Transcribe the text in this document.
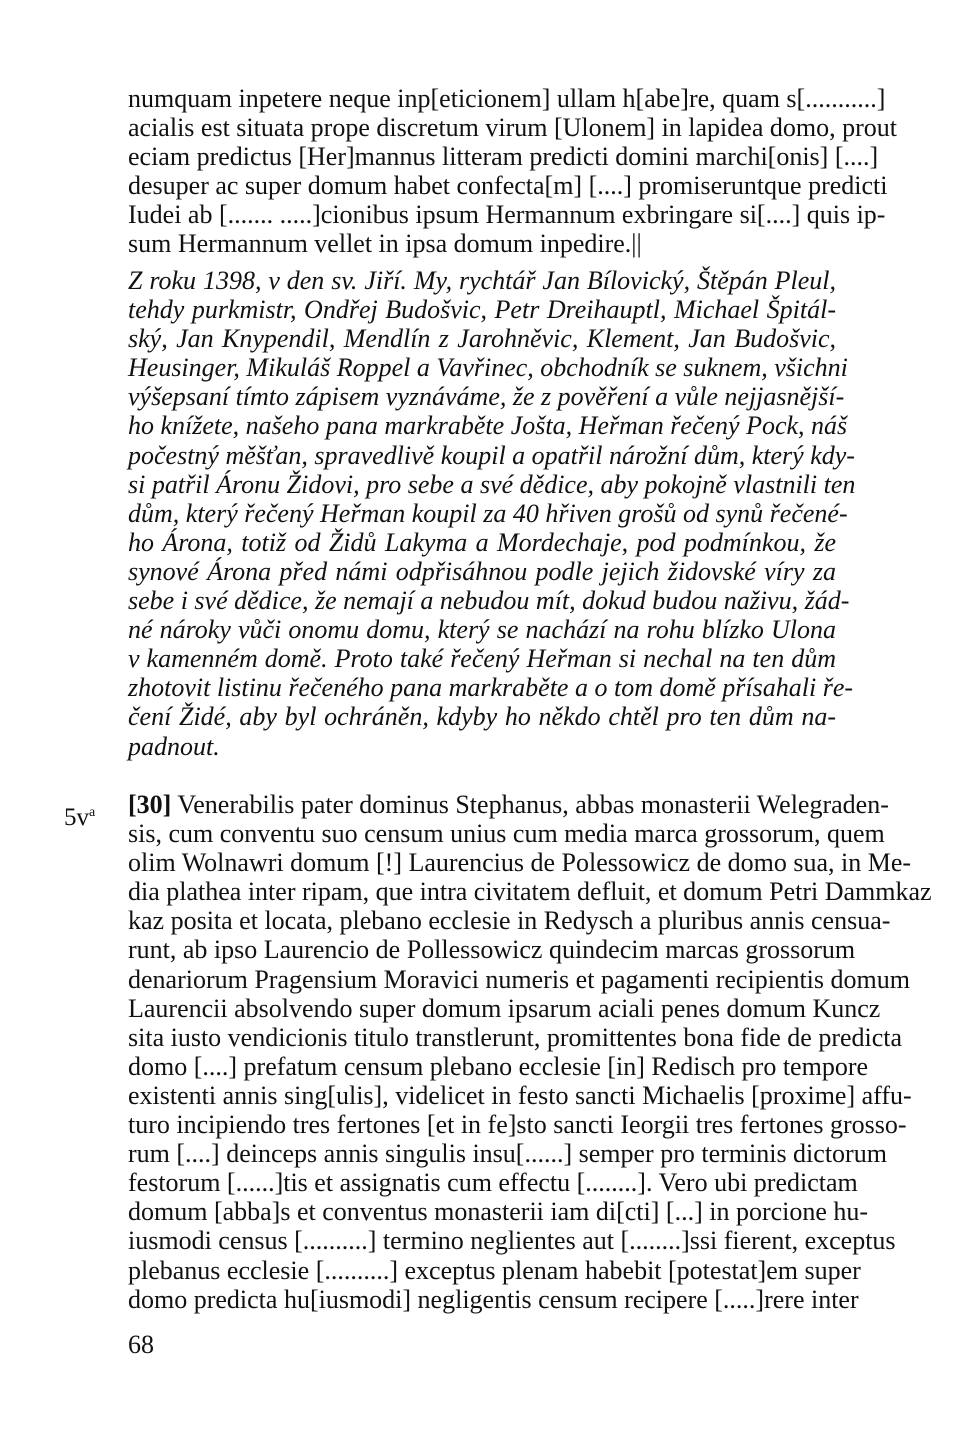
numquam inpetere neque inp[eticionem] ullam h[abe]re, quam s[...........]
acialis est situata prope discretum virum [Ulonem] in lapidea domo, prout
eciam predictus [Her]mannus litteram predicti domini marchi[onis] [....]
desuper ac super domum habet confecta[m] [....] promiseruntque predicti
Iudei ab [....... .....]cionibus ipsum Hermannum exbringare si[....] quis ip-
sum Hermannum vellet in ipsa domum inpedire.||
Z roku 1398, v den sv. Jiří. My, rychtář Jan Bílovický, Štěpán Pleul,
tehdy purkmistr, Ondřej Budošvic, Petr Dreihauptl, Michael Špitál-
ský, Jan Knypendil, Mendlín z Jarohněvic, Klement, Jan Budošvic,
Heusinger, Mikuláš Roppel a Vavřinec, obchodník se suknem, všichni
výšepsaní tímto zápisem vyznáváme, že z pověření a vůle nejjasnější-
ho knížete, našeho pana markraběte Jošta, Heřman řečený Pock, náš
počestný měšťan, spravedlivě koupil a opatřil nárožní dům, který kdy-
si patřil Áronu Židovi, pro sebe a své dědice, aby pokojně vlastnili ten
dům, který řečený Heřman koupil za 40 hřiven grošů od synů řečené-
ho Árona, totiž od Židů Lakyma a Mordechaje, pod podmínkou, že
synové Árona před námi odpřisáhnou podle jejich židovské víry za
sebe i své dědice, že nemají a nebudou mít, dokud budou naživu, žád-
né nároky vůči onomu domu, který se nachází na rohu blízko Ulona
v kamenném domě. Proto také řečený Heřman si nechal na ten dům
zhotovit listinu řečeného pana markraběte a o tom domě přísahali ře-
čení Židé, aby byl ochráněn, kdyby ho někdo chtěl pro ten dům na-
padnout.
$5v^a$ [30] Venerabilis pater dominus Stephanus, abbas monasterii Welegraden-
sis, cum conventu suo censum unius cum media marca grossorum, quem
olim Wolnawri domum [!] Laurencius de Polessowicz de domo sua, in Me-
dia plathea inter ripam, que intra civitatem defluit, et domum Petri Dammkaz
kaz posita et locata, plebano ecclesie in Redysch a pluribus annis censua-
runt, ab ipso Laurencio de Pollessowicz quindecim marcas grossorum
denariorum Pragensium Moravici numeris et pagamenti recipientis domum
Laurencii absolvendo super domum ipsarum aciali penes domum Kuncz
sita iusto vendicionis titulo transtlerunt, promittentes bona fide de predicta
domo [....] prefatum censum plebano ecclesie [in] Redisch pro tempore
existenti annis sing[ulis], videlicet in festo sancti Michaelis [proxime] affu-
turo incipiendo tres fertones [et in fe]sto sancti Ieorgii tres fertones grosso-
rum [....] deinceps annis singulis insu[......] semper pro terminis dictorum
festorum [......]tis et assignatis cum effectu [........]. Vero ubi predictam
domum [abba]s et conventus monasterii iam di[cti] [...] in porcione hu-
iusmodi census [..........] termino neglientes aut [........]ssi fierent, exceptus
plebanus ecclesie [..........] exceptus plenam habebit [potestat]em super
domo predicta hu[iusmodi] negligentis censum recipere [.....]rere inter
68
